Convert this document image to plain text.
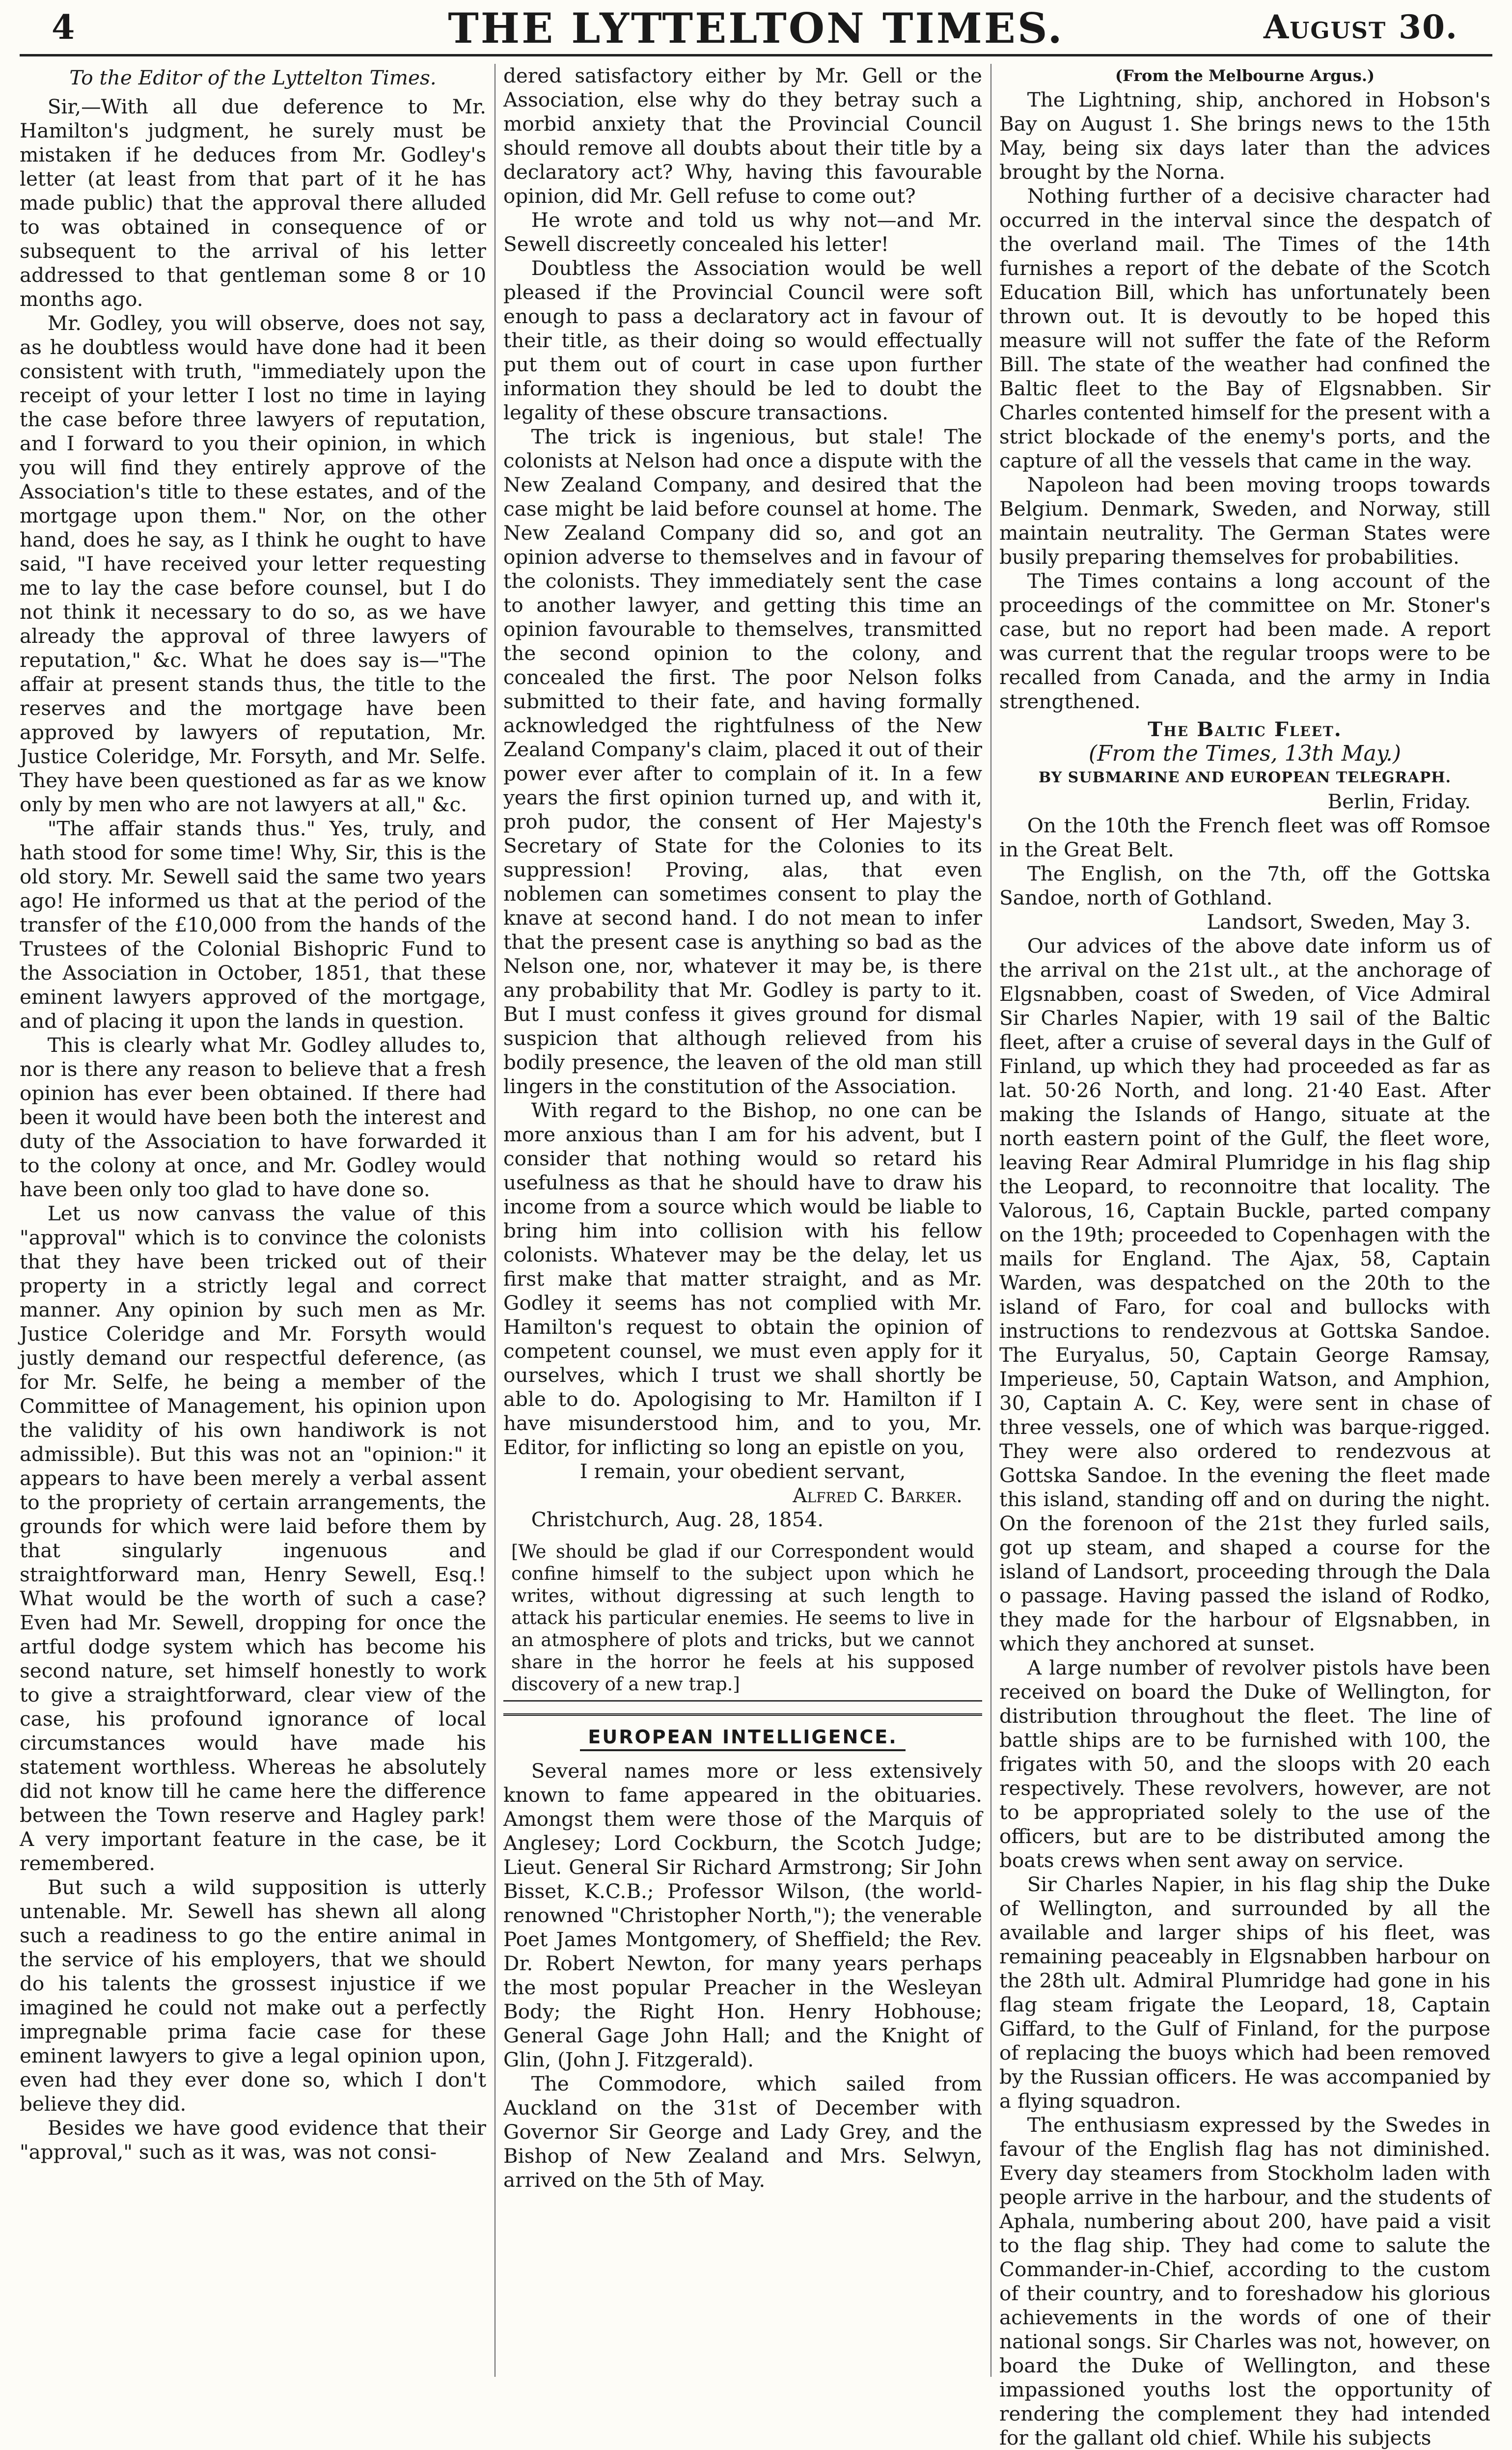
4	THE LYTTELTON TIMES.	August 30.

To the Editor of the Lyttelton Times.

Sir,—With all due deference to Mr. Hamilton's judgment, he surely must be mistaken if he deduces from Mr. Godley's letter (at least from that part of it he has made public) that the approval there alluded to was obtained in consequence of or subsequent to the arrival of his letter addressed to that gentleman some 8 or 10 months ago.

Mr. Godley, you will observe, does not say, as he doubtless would have done had it been consistent with truth, "immediately upon the receipt of your letter I lost no time in laying the case before three lawyers of reputation, and I forward to you their opinion, in which you will find they entirely approve of the Association's title to these estates, and of the mortgage upon them." Nor, on the other hand, does he say, as I think he ought to have said, "I have received your letter requesting me to lay the case before counsel, but I do not think it necessary to do so, as we have already the approval of three lawyers of reputation," &c. What he does say is—"The affair at present stands thus, the title to the reserves and the mortgage have been approved by lawyers of reputation, Mr. Justice Coleridge, Mr. Forsyth, and Mr. Selfe. They have been questioned as far as we know only by men who are not lawyers at all," &c.

"The affair stands thus." Yes, truly, and hath stood for some time! Why, Sir, this is the old story. Mr. Sewell said the same two years ago! He informed us that at the period of the transfer of the £10,000 from the hands of the Trustees of the Colonial Bishopric Fund to the Association in October, 1851, that these eminent lawyers approved of the mortgage, and of placing it upon the lands in question.

This is clearly what Mr. Godley alludes to, nor is there any reason to believe that a fresh opinion has ever been obtained. If there had been it would have been both the interest and duty of the Association to have forwarded it to the colony at once, and Mr. Godley would have been only too glad to have done so.

Let us now canvass the value of this "approval" which is to convince the colonists that they have been tricked out of their property in a strictly legal and correct manner. Any opinion by such men as Mr. Justice Coleridge and Mr. Forsyth would justly demand our respectful deference, (as for Mr. Selfe, he being a member of the Committee of Management, his opinion upon the validity of his own handiwork is not admissible). But this was not an "opinion:" it appears to have been merely a verbal assent to the propriety of certain arrangements, the grounds for which were laid before them by that singularly ingenuous and straightforward man, Henry Sewell, Esq.! What would be the worth of such a case? Even had Mr. Sewell, dropping for once the artful dodge system which has become his second nature, set himself honestly to work to give a straightforward, clear view of the case, his profound ignorance of local circumstances would have made his statement worthless. Whereas he absolutely did not know till he came here the difference between the Town reserve and Hagley park! A very important feature in the case, be it remembered.

But such a wild supposition is utterly untenable. Mr. Sewell has shewn all along such a readiness to go the entire animal in the service of his employers, that we should do his talents the grossest injustice if we imagined he could not make out a perfectly impregnable prima facie case for these eminent lawyers to give a legal opinion upon, even had they ever done so, which I don't believe they did.

Besides we have good evidence that their "approval," such as it was, was not consi-

dered satisfactory either by Mr. Gell or the Association, else why do they betray such a morbid anxiety that the Provincial Council should remove all doubts about their title by a declaratory act? Why, having this favourable opinion, did Mr. Gell refuse to come out?

He wrote and told us why not—and Mr. Sewell discreetly concealed his letter!

Doubtless the Association would be well pleased if the Provincial Council were soft enough to pass a declaratory act in favour of their title, as their doing so would effectually put them out of court in case upon further information they should be led to doubt the legality of these obscure transactions.

The trick is ingenious, but stale! The colonists at Nelson had once a dispute with the New Zealand Company, and desired that the case might be laid before counsel at home. The New Zealand Company did so, and got an opinion adverse to themselves and in favour of the colonists. They immediately sent the case to another lawyer, and getting this time an opinion favourable to themselves, transmitted the second opinion to the colony, and concealed the first. The poor Nelson folks submitted to their fate, and having formally acknowledged the rightfulness of the New Zealand Company's claim, placed it out of their power ever after to complain of it. In a few years the first opinion turned up, and with it, proh pudor, the consent of Her Majesty's Secretary of State for the Colonies to its suppression! Proving, alas, that even noblemen can sometimes consent to play the knave at second hand. I do not mean to infer that the present case is anything so bad as the Nelson one, nor, whatever it may be, is there any probability that Mr. Godley is party to it. But I must confess it gives ground for dismal suspicion that although relieved from his bodily presence, the leaven of the old man still lingers in the constitution of the Association.

With regard to the Bishop, no one can be more anxious than I am for his advent, but I consider that nothing would so retard his usefulness as that he should have to draw his income from a source which would be liable to bring him into collision with his fellow colonists. Whatever may be the delay, let us first make that matter straight, and as Mr. Godley it seems has not complied with Mr. Hamilton's request to obtain the opinion of competent counsel, we must even apply for it ourselves, which I trust we shall shortly be able to do. Apologising to Mr. Hamilton if I have misunderstood him, and to you, Mr. Editor, for inflicting so long an epistle on you,

I remain, your obedient servant,

Alfred C. Barker.

Christchurch, Aug. 28, 1854.

[We should be glad if our Correspondent would confine himself to the subject upon which he writes, without digressing at such length to attack his particular enemies. He seems to live in an atmosphere of plots and tricks, but we cannot share in the horror he feels at his supposed discovery of a new trap.]

EUROPEAN INTELLIGENCE.

Several names more or less extensively known to fame appeared in the obituaries. Amongst them were those of the Marquis of Anglesey; Lord Cockburn, the Scotch Judge; Lieut. General Sir Richard Armstrong; Sir John Bisset, K.C.B.; Professor Wilson, (the world-renowned "Christopher North,"); the venerable Poet James Montgomery, of Sheffield; the Rev. Dr. Robert Newton, for many years perhaps the most popular Preacher in the Wesleyan Body; the Right Hon. Henry Hobhouse; General Gage John Hall; and the Knight of Glin, (John J. Fitzgerald).

The Commodore, which sailed from Auckland on the 31st of December with Governor Sir George and Lady Grey, and the Bishop of New Zealand and Mrs. Selwyn, arrived on the 5th of May.

(From the Melbourne Argus.)

The Lightning, ship, anchored in Hobson's Bay on August 1. She brings news to the 15th May, being six days later than the advices brought by the Norna.

Nothing further of a decisive character had occurred in the interval since the despatch of the overland mail. The Times of the 14th furnishes a report of the debate of the Scotch Education Bill, which has unfortunately been thrown out. It is devoutly to be hoped this measure will not suffer the fate of the Reform Bill. The state of the weather had confined the Baltic fleet to the Bay of Elgsnabben. Sir Charles contented himself for the present with a strict blockade of the enemy's ports, and the capture of all the vessels that came in the way.

Napoleon had been moving troops towards Belgium. Denmark, Sweden, and Norway, still maintain neutrality. The German States were busily preparing themselves for probabilities.

The Times contains a long account of the proceedings of the committee on Mr. Stoner's case, but no report had been made. A report was current that the regular troops were to be recalled from Canada, and the army in India strengthened.

The Baltic Fleet.

(From the Times, 13th May.)

BY SUBMARINE AND EUROPEAN TELEGRAPH.

Berlin, Friday.

On the 10th the French fleet was off Romsoe in the Great Belt.

The English, on the 7th, off the Gottska Sandoe, north of Gothland.

Landsort, Sweden, May 3.

Our advices of the above date inform us of the arrival on the 21st ult., at the anchorage of Elgsnabben, coast of Sweden, of Vice Admiral Sir Charles Napier, with 19 sail of the Baltic fleet, after a cruise of several days in the Gulf of Finland, up which they had proceeded as far as lat. 50·26 North, and long. 21·40 East. After making the Islands of Hango, situate at the north eastern point of the Gulf, the fleet wore, leaving Rear Admiral Plumridge in his flag ship the Leopard, to reconnoitre that locality. The Valorous, 16, Captain Buckle, parted company on the 19th; proceeded to Copenhagen with the mails for England. The Ajax, 58, Captain Warden, was despatched on the 20th to the island of Faro, for coal and bullocks with instructions to rendezvous at Gottska Sandoe. The Euryalus, 50, Captain George Ramsay, Imperieuse, 50, Captain Watson, and Amphion, 30, Captain A. C. Key, were sent in chase of three vessels, one of which was barque-rigged. They were also ordered to rendezvous at Gottska Sandoe. In the evening the fleet made this island, standing off and on during the night. On the forenoon of the 21st they furled sails, got up steam, and shaped a course for the island of Landsort, proceeding through the Dala o passage. Having passed the island of Rodko, they made for the harbour of Elgsnabben, in which they anchored at sunset.

A large number of revolver pistols have been received on board the Duke of Wellington, for distribution throughout the fleet. The line of battle ships are to be furnished with 100, the frigates with 50, and the sloops with 20 each respectively. These revolvers, however, are not to be appropriated solely to the use of the officers, but are to be distributed among the boats crews when sent away on service.

Sir Charles Napier, in his flag ship the Duke of Wellington, and surrounded by all the available and larger ships of his fleet, was remaining peaceably in Elgsnabben harbour on the 28th ult. Admiral Plumridge had gone in his flag steam frigate the Leopard, 18, Captain Giffard, to the Gulf of Finland, for the purpose of replacing the buoys which had been removed by the Russian officers. He was accompanied by a flying squadron.

The enthusiasm expressed by the Swedes in favour of the English flag has not diminished. Every day steamers from Stockholm laden with people arrive in the harbour, and the students of Aphala, numbering about 200, have paid a visit to the flag ship. They had come to salute the Commander-in-Chief, according to the custom of their country, and to foreshadow his glorious achievements in the words of one of their national songs. Sir Charles was not, however, on board the Duke of Wellington, and these impassioned youths lost the opportunity of rendering the complement they had intended for the gallant old chief. While his subjects
